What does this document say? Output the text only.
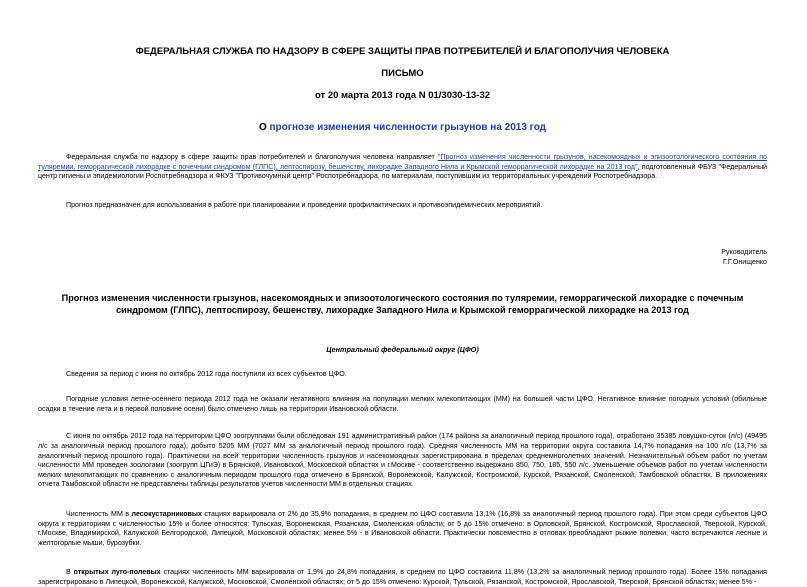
ФЕДЕРАЛЬНАЯ СЛУЖБА ПО НАДЗОРУ В СФЕРЕ ЗАЩИТЫ ПРАВ ПОТРЕБИТЕЛЕЙ И БЛАГОПОЛУЧИЯ ЧЕЛОВЕКА
ПИСЬМО
от 20 марта 2013 года N 01/3030-13-32
О прогнозе изменения численности грызунов на 2013 год

Федеральная служба по надзору в сфере защиты прав потребителей и благополучия человека направляет "Прогноз изменения численности грызунов, насекомоядных и эпизоотологического состояния по туляремии, геморрагической лихорадке с почечным синдромом (ГЛПС), лептоспирозу, бешенству, лихорадке Западного Нила и Крымской геморрагической лихорадке на 2013 год", подготовленный ФБУЗ "Федеральный центр гигиены и эпидемиологии Роспотребнадзора и ФКУЗ "Противочумный центр" Роспотребнадзора, по материалам, поступившим из территориальных учреждений Роспотребнадзора.

Прогноз предназначен для использования в работе при планировании и проведении профилактических и противоэпидемических мероприятий.

Руководитель
Г.Г.Онищенко
Прогноз изменения численности грызунов, насекомоядных и эпизоотологического состояния по туляремии, геморрагической лихорадке с почечным синдромом (ГЛПС), лептоспирозу, бешенству, лихорадке Западного Нила и Крымской геморрагической лихорадке на 2013 год
Центральный федеральный округ (ЦФО)

Сведения за период с июня по октябрь 2012 года поступили из всех субъектов ЦФО.

Погодные условия летне-осеннего периода 2012 года не оказали негативного влияния на популяции мелких млекопитающих (ММ) на большей части ЦФО. Негативное влияние погодных условий (обильные осадки в течение лета и в первой половине осени) было отмечено лишь на территории Ивановской области.

С июня по октябрь 2012 года на территории ЦФО зоогруппами были обследован 191 административный район (174 района за аналогичный период прошлого года), отработано 35385 ловушко-суток (л/с) (49495 л/с за аналогичный период прошлого года), добыто 5205 ММ (7027 ММ за аналогичный период прошлого года). Средняя численность ММ на территории округа составила 14,7% попадания на 100 л/с (13,7% за аналогичный период прошлого года). Практически на всей территории численность грызунов и насекомоядных зарегистрирована в пределах среднемноголетних значений. Незначительный объем работ по учетам численности ММ проведен зоологами (зоогрупп ЦГиЭ) в Брянской, Ивановской, Московской областях и г.Москве - соответственно выдержано 850, 750, 185, 550 л/с. Уменьшение объемов работ по учетам численности мелких млекопитающих по сравнению с аналогичным периодом прошлого года отмечено в Брянской, Воронежской, Калужской, Костромской, Курской, Рязанской, Смоленской, Тамбовской областях. В приложениях отчета Тамбовской области не представлены таблицы результатов учетов численности ММ в отдельных стациях.

Численность ММ в лесокустарниковых стациях варьировала от 2% до 35,9% попадания, в среднем по ЦФО составила 13,1% (16,8% за аналогичный период прошлого года). При этом среди субъектов ЦФО округа к территориям с численностью 15% и более относятся: Тульская, Воронежская, Рязанская, Смоленская области; от 5 до 15% отмечено: в Орловской, Брянской, Костромской, Ярославской, Тверской, Курской, г.Москве, Владимирской, Калужской Белгородской, Липецкой, Московской областях; менее 5% - в Ивановской области. Практически повсеместно в отловах преобладают рыжие полевки, часто встречаются лесные и желтогорлые мыши, бурозубки.

В открытых луго-полевых стациях численность ММ варьировала от 1,9% до 24,8% попадания, в среднем по ЦФО составила 11,8% (13,2% за аналогичный период прошлого года). Более 15% попадания зарегистрировано в Липецкой, Воронежской, Калужской, Московской, Смоленской областях; от 5 до 15% отмечено: Курской, Тульской, Рязанской, Костромской, Ярославской, Тверской, Брянской областях; менее 5% -
